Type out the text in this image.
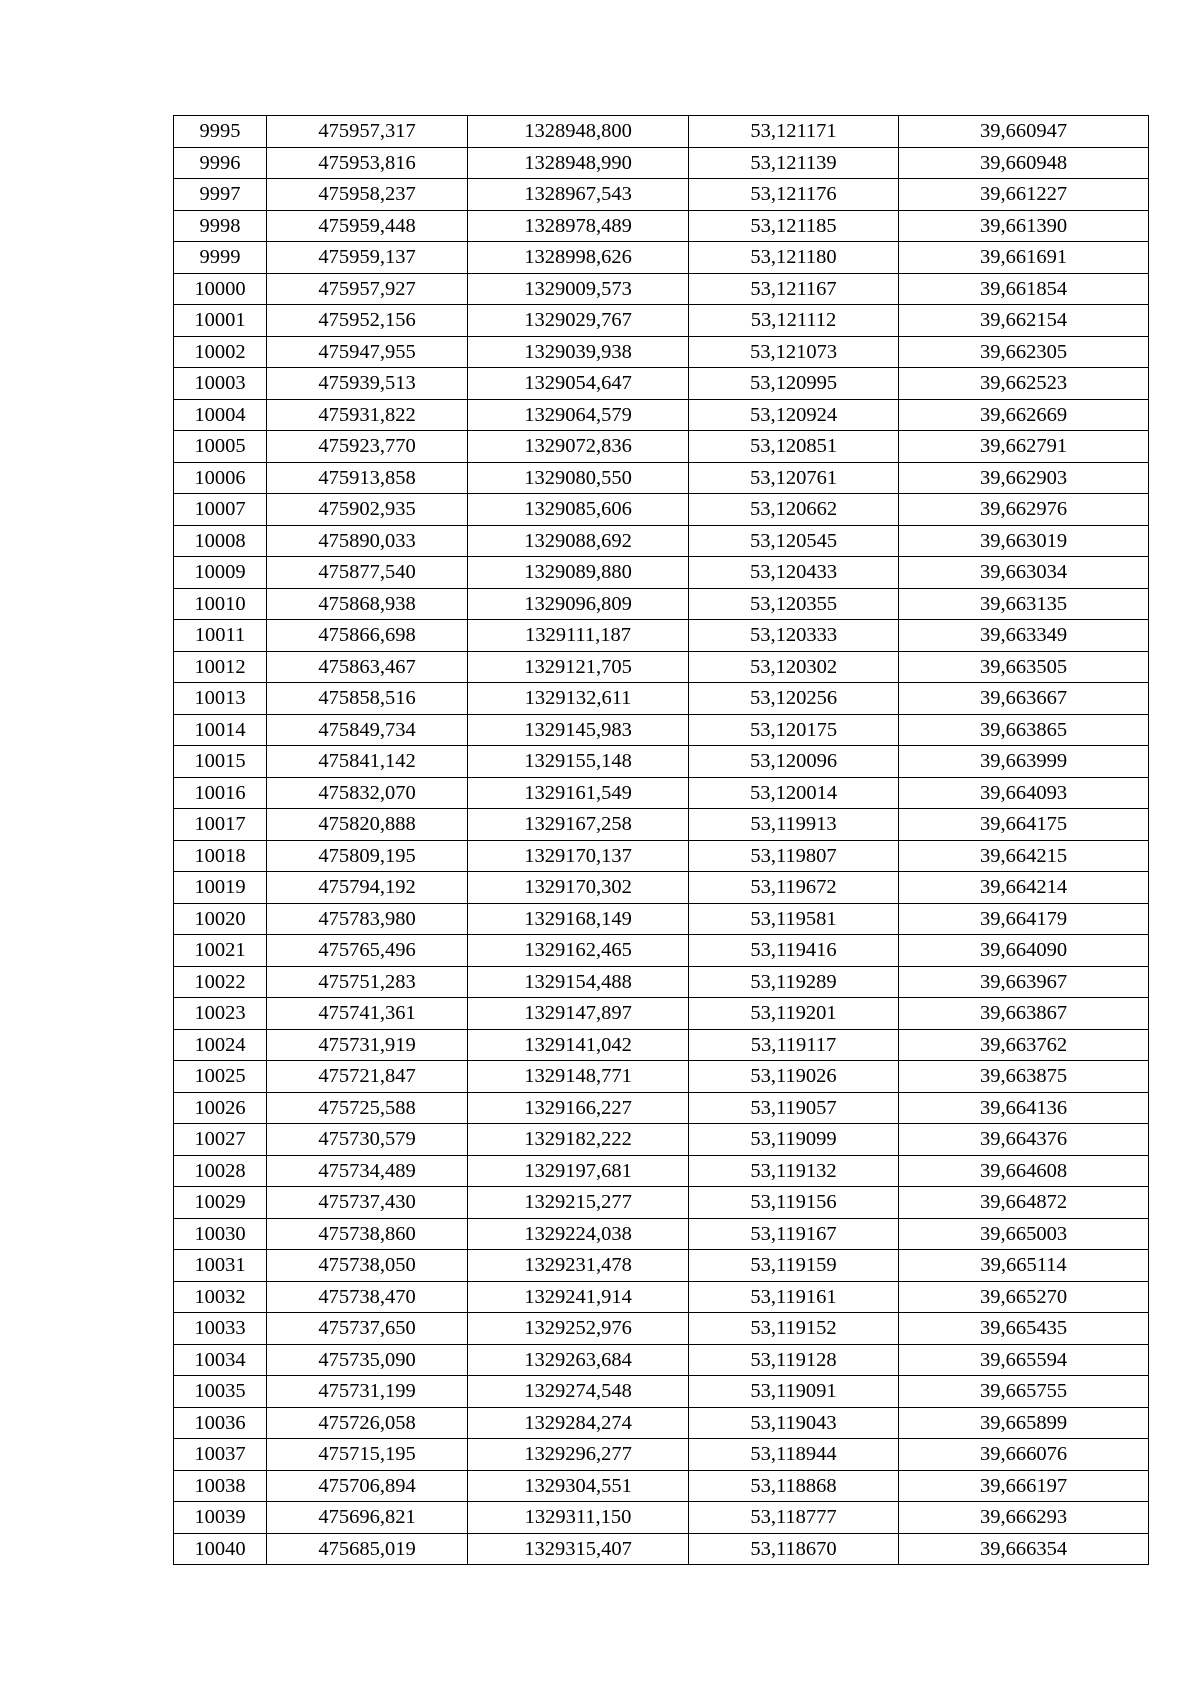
9995	475957,317	1328948,800	53,121171	39,660947
9996	475953,816	1328948,990	53,121139	39,660948
9997	475958,237	1328967,543	53,121176	39,661227
9998	475959,448	1328978,489	53,121185	39,661390
9999	475959,137	1328998,626	53,121180	39,661691
10000	475957,927	1329009,573	53,121167	39,661854
10001	475952,156	1329029,767	53,121112	39,662154
10002	475947,955	1329039,938	53,121073	39,662305
10003	475939,513	1329054,647	53,120995	39,662523
10004	475931,822	1329064,579	53,120924	39,662669
10005	475923,770	1329072,836	53,120851	39,662791
10006	475913,858	1329080,550	53,120761	39,662903
10007	475902,935	1329085,606	53,120662	39,662976
10008	475890,033	1329088,692	53,120545	39,663019
10009	475877,540	1329089,880	53,120433	39,663034
10010	475868,938	1329096,809	53,120355	39,663135
10011	475866,698	1329111,187	53,120333	39,663349
10012	475863,467	1329121,705	53,120302	39,663505
10013	475858,516	1329132,611	53,120256	39,663667
10014	475849,734	1329145,983	53,120175	39,663865
10015	475841,142	1329155,148	53,120096	39,663999
10016	475832,070	1329161,549	53,120014	39,664093
10017	475820,888	1329167,258	53,119913	39,664175
10018	475809,195	1329170,137	53,119807	39,664215
10019	475794,192	1329170,302	53,119672	39,664214
10020	475783,980	1329168,149	53,119581	39,664179
10021	475765,496	1329162,465	53,119416	39,664090
10022	475751,283	1329154,488	53,119289	39,663967
10023	475741,361	1329147,897	53,119201	39,663867
10024	475731,919	1329141,042	53,119117	39,663762
10025	475721,847	1329148,771	53,119026	39,663875
10026	475725,588	1329166,227	53,119057	39,664136
10027	475730,579	1329182,222	53,119099	39,664376
10028	475734,489	1329197,681	53,119132	39,664608
10029	475737,430	1329215,277	53,119156	39,664872
10030	475738,860	1329224,038	53,119167	39,665003
10031	475738,050	1329231,478	53,119159	39,665114
10032	475738,470	1329241,914	53,119161	39,665270
10033	475737,650	1329252,976	53,119152	39,665435
10034	475735,090	1329263,684	53,119128	39,665594
10035	475731,199	1329274,548	53,119091	39,665755
10036	475726,058	1329284,274	53,119043	39,665899
10037	475715,195	1329296,277	53,118944	39,666076
10038	475706,894	1329304,551	53,118868	39,666197
10039	475696,821	1329311,150	53,118777	39,666293
10040	475685,019	1329315,407	53,118670	39,666354
